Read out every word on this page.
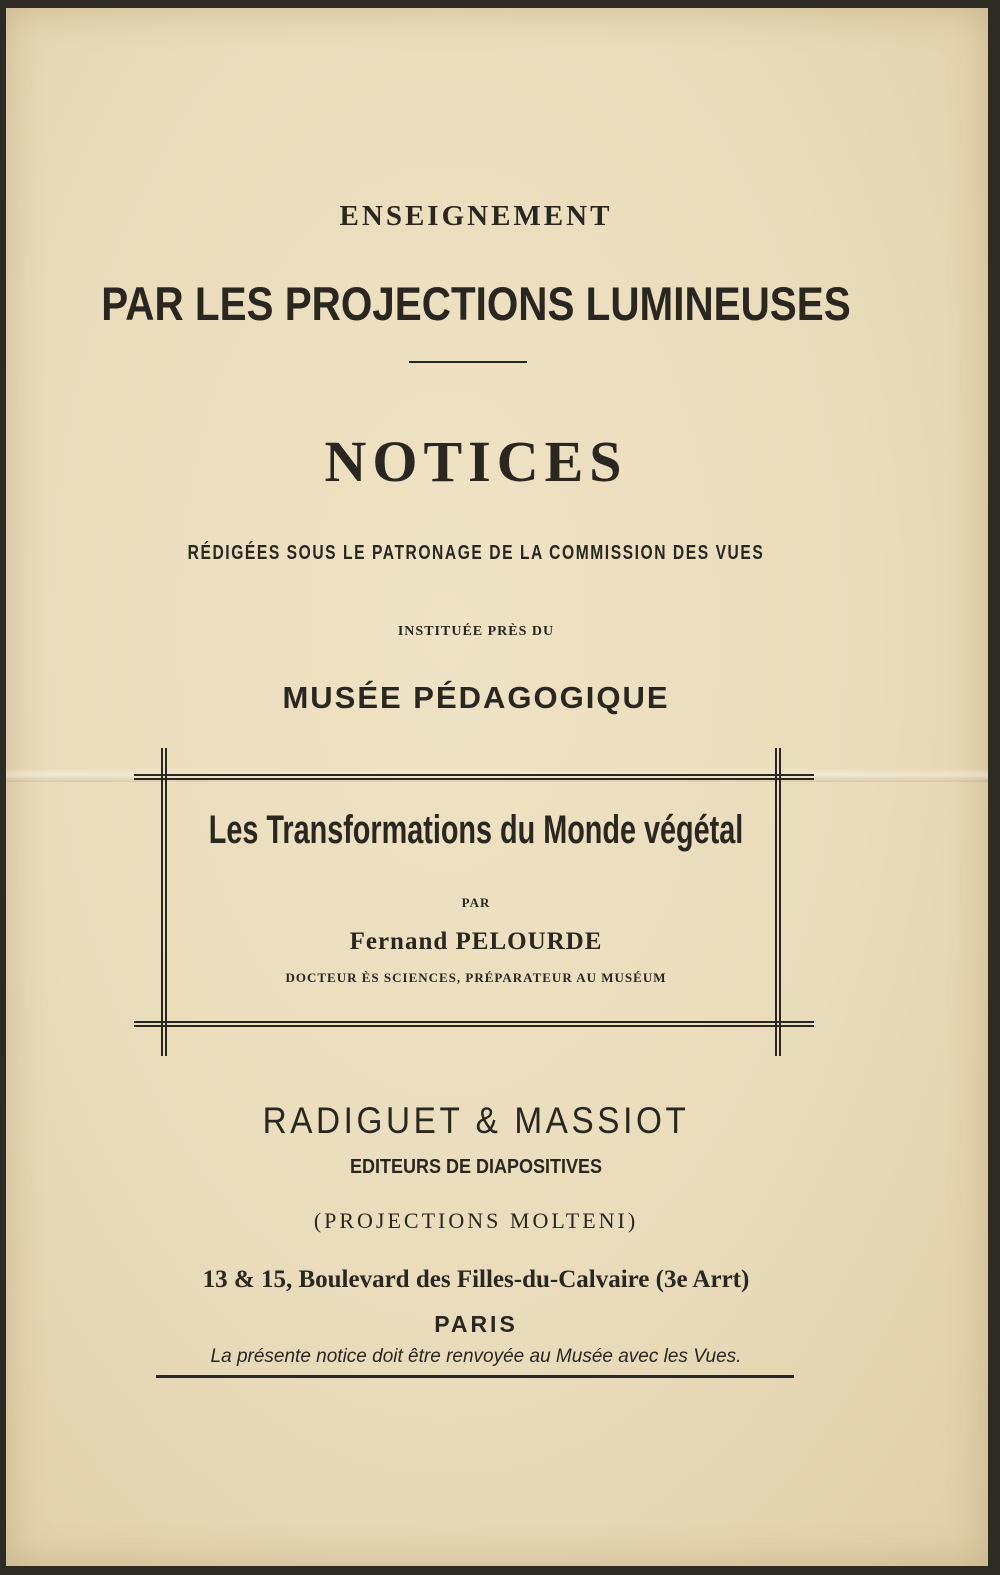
ENSEIGNEMENT
PAR LES PROJECTIONS LUMINEUSES
NOTICES
RÉDIGÉES SOUS LE PATRONAGE DE LA COMMISSION DES VUES
INSTITUÉE PRÈS DU
MUSÉE PÉDAGOGIQUE
Les Transformations du Monde végétal
PAR
Fernand PELOURDE
DOCTEUR ÈS SCIENCES, PRÉPARATEUR AU MUSÉUM
RADIGUET & MASSIOT
EDITEURS DE DIAPOSITIVES
(PROJECTIONS MOLTENI)
13 & 15, Boulevard des Filles-du-Calvaire (3e Arrt)
PARIS
La présente notice doit être renvoyée au Musée avec les Vues.
